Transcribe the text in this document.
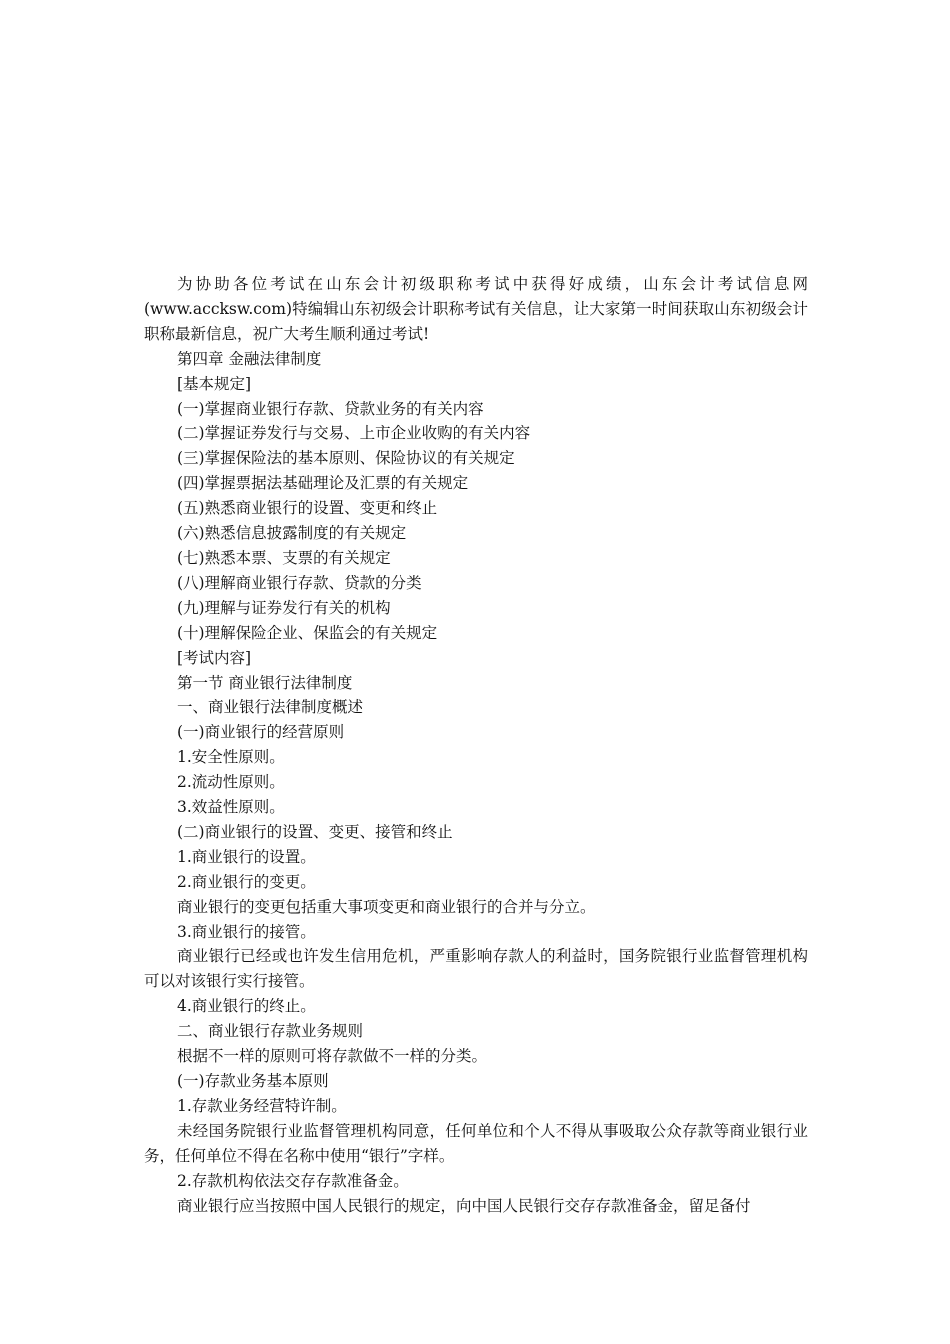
为协助各位考试在山东会计初级职称考试中获得好成绩，山东会计考试信息网(www.accksw.com)特编辑山东初级会计职称考试有关信息，让大家第一时间获取山东初级会计职称最新信息，祝广大考生顺利通过考试!

第四章 金融法律制度

[基本规定]

(一)掌握商业银行存款、贷款业务的有关内容

(二)掌握证券发行与交易、上市企业收购的有关内容

(三)掌握保险法的基本原则、保险协议的有关规定

(四)掌握票据法基础理论及汇票的有关规定

(五)熟悉商业银行的设置、变更和终止

(六)熟悉信息披露制度的有关规定

(七)熟悉本票、支票的有关规定

(八)理解商业银行存款、贷款的分类

(九)理解与证券发行有关的机构

(十)理解保险企业、保监会的有关规定

[考试内容]

第一节 商业银行法律制度

一、商业银行法律制度概述

(一)商业银行的经营原则

1.安全性原则。

2.流动性原则。

3.效益性原则。

(二)商业银行的设置、变更、接管和终止

1.商业银行的设置。

2.商业银行的变更。

商业银行的变更包括重大事项变更和商业银行的合并与分立。

3.商业银行的接管。

商业银行已经或也许发生信用危机，严重影响存款人的利益时，国务院银行业监督管理机构可以对该银行实行接管。

4.商业银行的终止。

二、商业银行存款业务规则

根据不一样的原则可将存款做不一样的分类。

(一)存款业务基本原则

1.存款业务经营特许制。

未经国务院银行业监督管理机构同意，任何单位和个人不得从事吸取公众存款等商业银行业务，任何单位不得在名称中使用“银行”字样。

2.存款机构依法交存存款准备金。

商业银行应当按照中国人民银行的规定，向中国人民银行交存存款准备金，留足备付
